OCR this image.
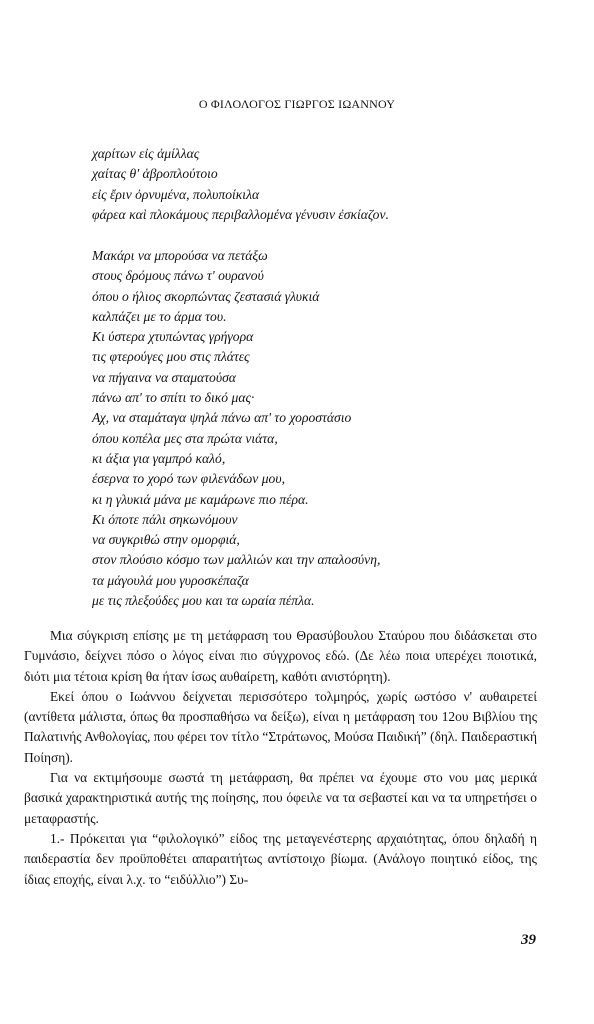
Ο ΦΙΛΟΛΟΓΟΣ ΓΙΩΡΓΟΣ ΙΩΑΝΝΟΥ
χαρίτων εἰς ἁμίλλας
χαίτας θ' ἁβροπλούτοιο
εἰς ἔριν ὀρνυμένα, πολυποίκιλα
φάρεα καὶ πλοκάμους περιβαλλομένα γένυσιν ἐσκίαζον.
Μακάρι να μπορούσα να πετάξω
στους δρόμους πάνω τ' ουρανού
όπου ο ήλιος σκορπώντας ζεστασιά γλυκιά
καλπάζει με το άρμα του.
Κι ύστερα χτυπώντας γρήγορα
τις φτερούγες μου στις πλάτες
να πήγαινα να σταματούσα
πάνω απ' το σπίτι το δικό μας·
Αχ, να σταμάταγα ψηλά πάνω απ' το χοροστάσιο
όπου κοπέλα μες στα πρώτα νιάτα,
κι άξια για γαμπρό καλό,
έσερνα το χορό των φιλενάδων μου,
κι η γλυκιά μάνα με καμάρωνε πιο πέρα.
Κι όποτε πάλι σηκωνόμουν
να συγκριθώ στην ομορφιά,
στον πλούσιο κόσμο των μαλλιών και την απαλοσύνη,
τα μάγουλά μου γυροσκέπαζα
με τις πλεξούδες μου και τα ωραία πέπλα.

Μια σύγκριση επίσης με τη μετάφραση του Θρασύβουλου Σταύρου που διδάσκεται στο Γυμνάσιο, δείχνει πόσο ο λόγος είναι πιο σύγχρονος εδώ. (Δε λέω ποια υπερέχει ποιοτικά, διότι μια τέτοια κρίση θα ήταν ίσως αυθαίρετη, καθότι ανιστόρητη).

Εκεί όπου ο Ιωάννου δείχνεται περισσότερο τολμηρός, χωρίς ωστόσο ν' αυθαιρετεί (αντίθετα μάλιστα, όπως θα προσπαθήσω να δείξω), είναι η μετάφραση του 12ου Βιβλίου της Παλατινής Ανθολογίας, που φέρει τον τίτλο “Στράτωνος, Μούσα Παιδική” (δηλ. Παιδεραστική Ποίηση).

Για να εκτιμήσουμε σωστά τη μετάφραση, θα πρέπει να έχουμε στο νου μας μερικά βασικά χαρακτηριστικά αυτής της ποίησης, που όφειλε να τα σεβαστεί και να τα υπηρετήσει ο μεταφραστής.

1.- Πρόκειται για “φιλολογικό” είδος της μεταγενέστερης αρχαιότητας, όπου δηλαδή η παιδεραστία δεν προϋποθέτει απαραιτήτως αντίστοιχο βίωμα. (Ανάλογο ποιητικό είδος, της ίδιας εποχής, είναι λ.χ. το “ειδύλλιο”) Συ-

39
